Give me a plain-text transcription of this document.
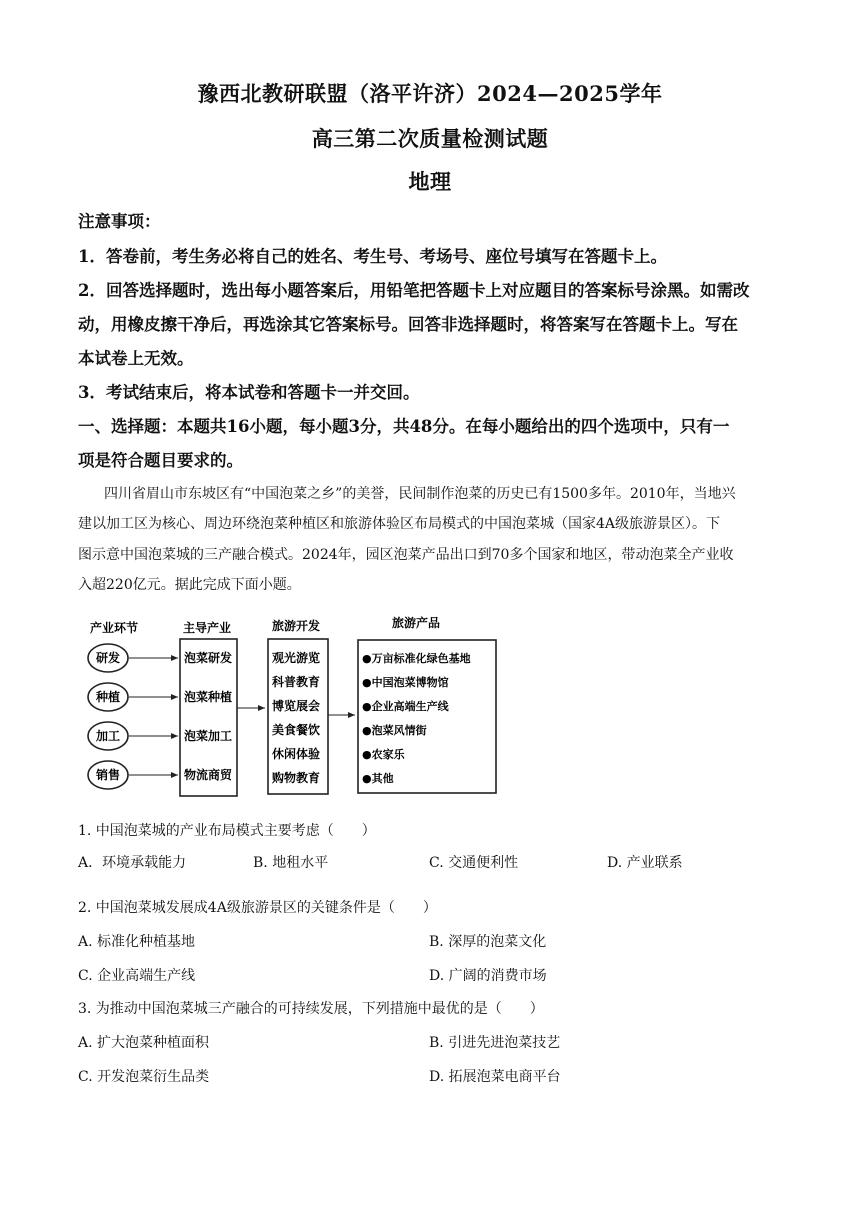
豫西北教研联盟（洛平许济）2024—2025学年
高三第二次质量检测试题
地理
注意事项：
1．答卷前，考生务必将自己的姓名、考生号、考场号、座位号填写在答题卡上。
2．回答选择题时，选出每小题答案后，用铅笔把答题卡上对应题目的答案标号涂黑。如需改
动，用橡皮擦干净后，再选涂其它答案标号。回答非选择题时，将答案写在答题卡上。写在
本试卷上无效。
3．考试结束后，将本试卷和答题卡一并交回。
一、选择题：本题共16小题，每小题3分，共48分。在每小题给出的四个选项中，只有一
项是符合题目要求的。
四川省眉山市东坡区有“中国泡菜之乡”的美誉，民间制作泡菜的历史已有1500多年。2010年，当地兴
建以加工区为核心、周边环绕泡菜种植区和旅游体验区布局模式的中国泡菜城（国家4A级旅游景区）。下
图示意中国泡菜城的三产融合模式。2024年，园区泡菜产品出口到70多个国家和地区，带动泡菜全产业收
入超220亿元。据此完成下面小题。
产业环节	主导产业	旅游开发	旅游产品
研发
种植
加工
销售
泡菜研发
泡菜种植
泡菜加工
物流商贸
观光游览
科普教育
博览展会
美食餐饮
休闲体验
购物教育
●万亩标准化绿色基地
●中国泡菜博物馆
●企业高端生产线
●泡菜风情街
●农家乐
●其他
1. 中国泡菜城的产业布局模式主要考虑（　　）
A．环境承载能力	B. 地租水平	C. 交通便利性	D. 产业联系
2. 中国泡菜城发展成4A级旅游景区的关键条件是（　　）
A. 标准化种植基地	B. 深厚的泡菜文化
C. 企业高端生产线	D. 广阔的消费市场
3. 为推动中国泡菜城三产融合的可持续发展，下列措施中最优的是（　　）
A. 扩大泡菜种植面积	B. 引进先进泡菜技艺
C. 开发泡菜衍生品类	D. 拓展泡菜电商平台
